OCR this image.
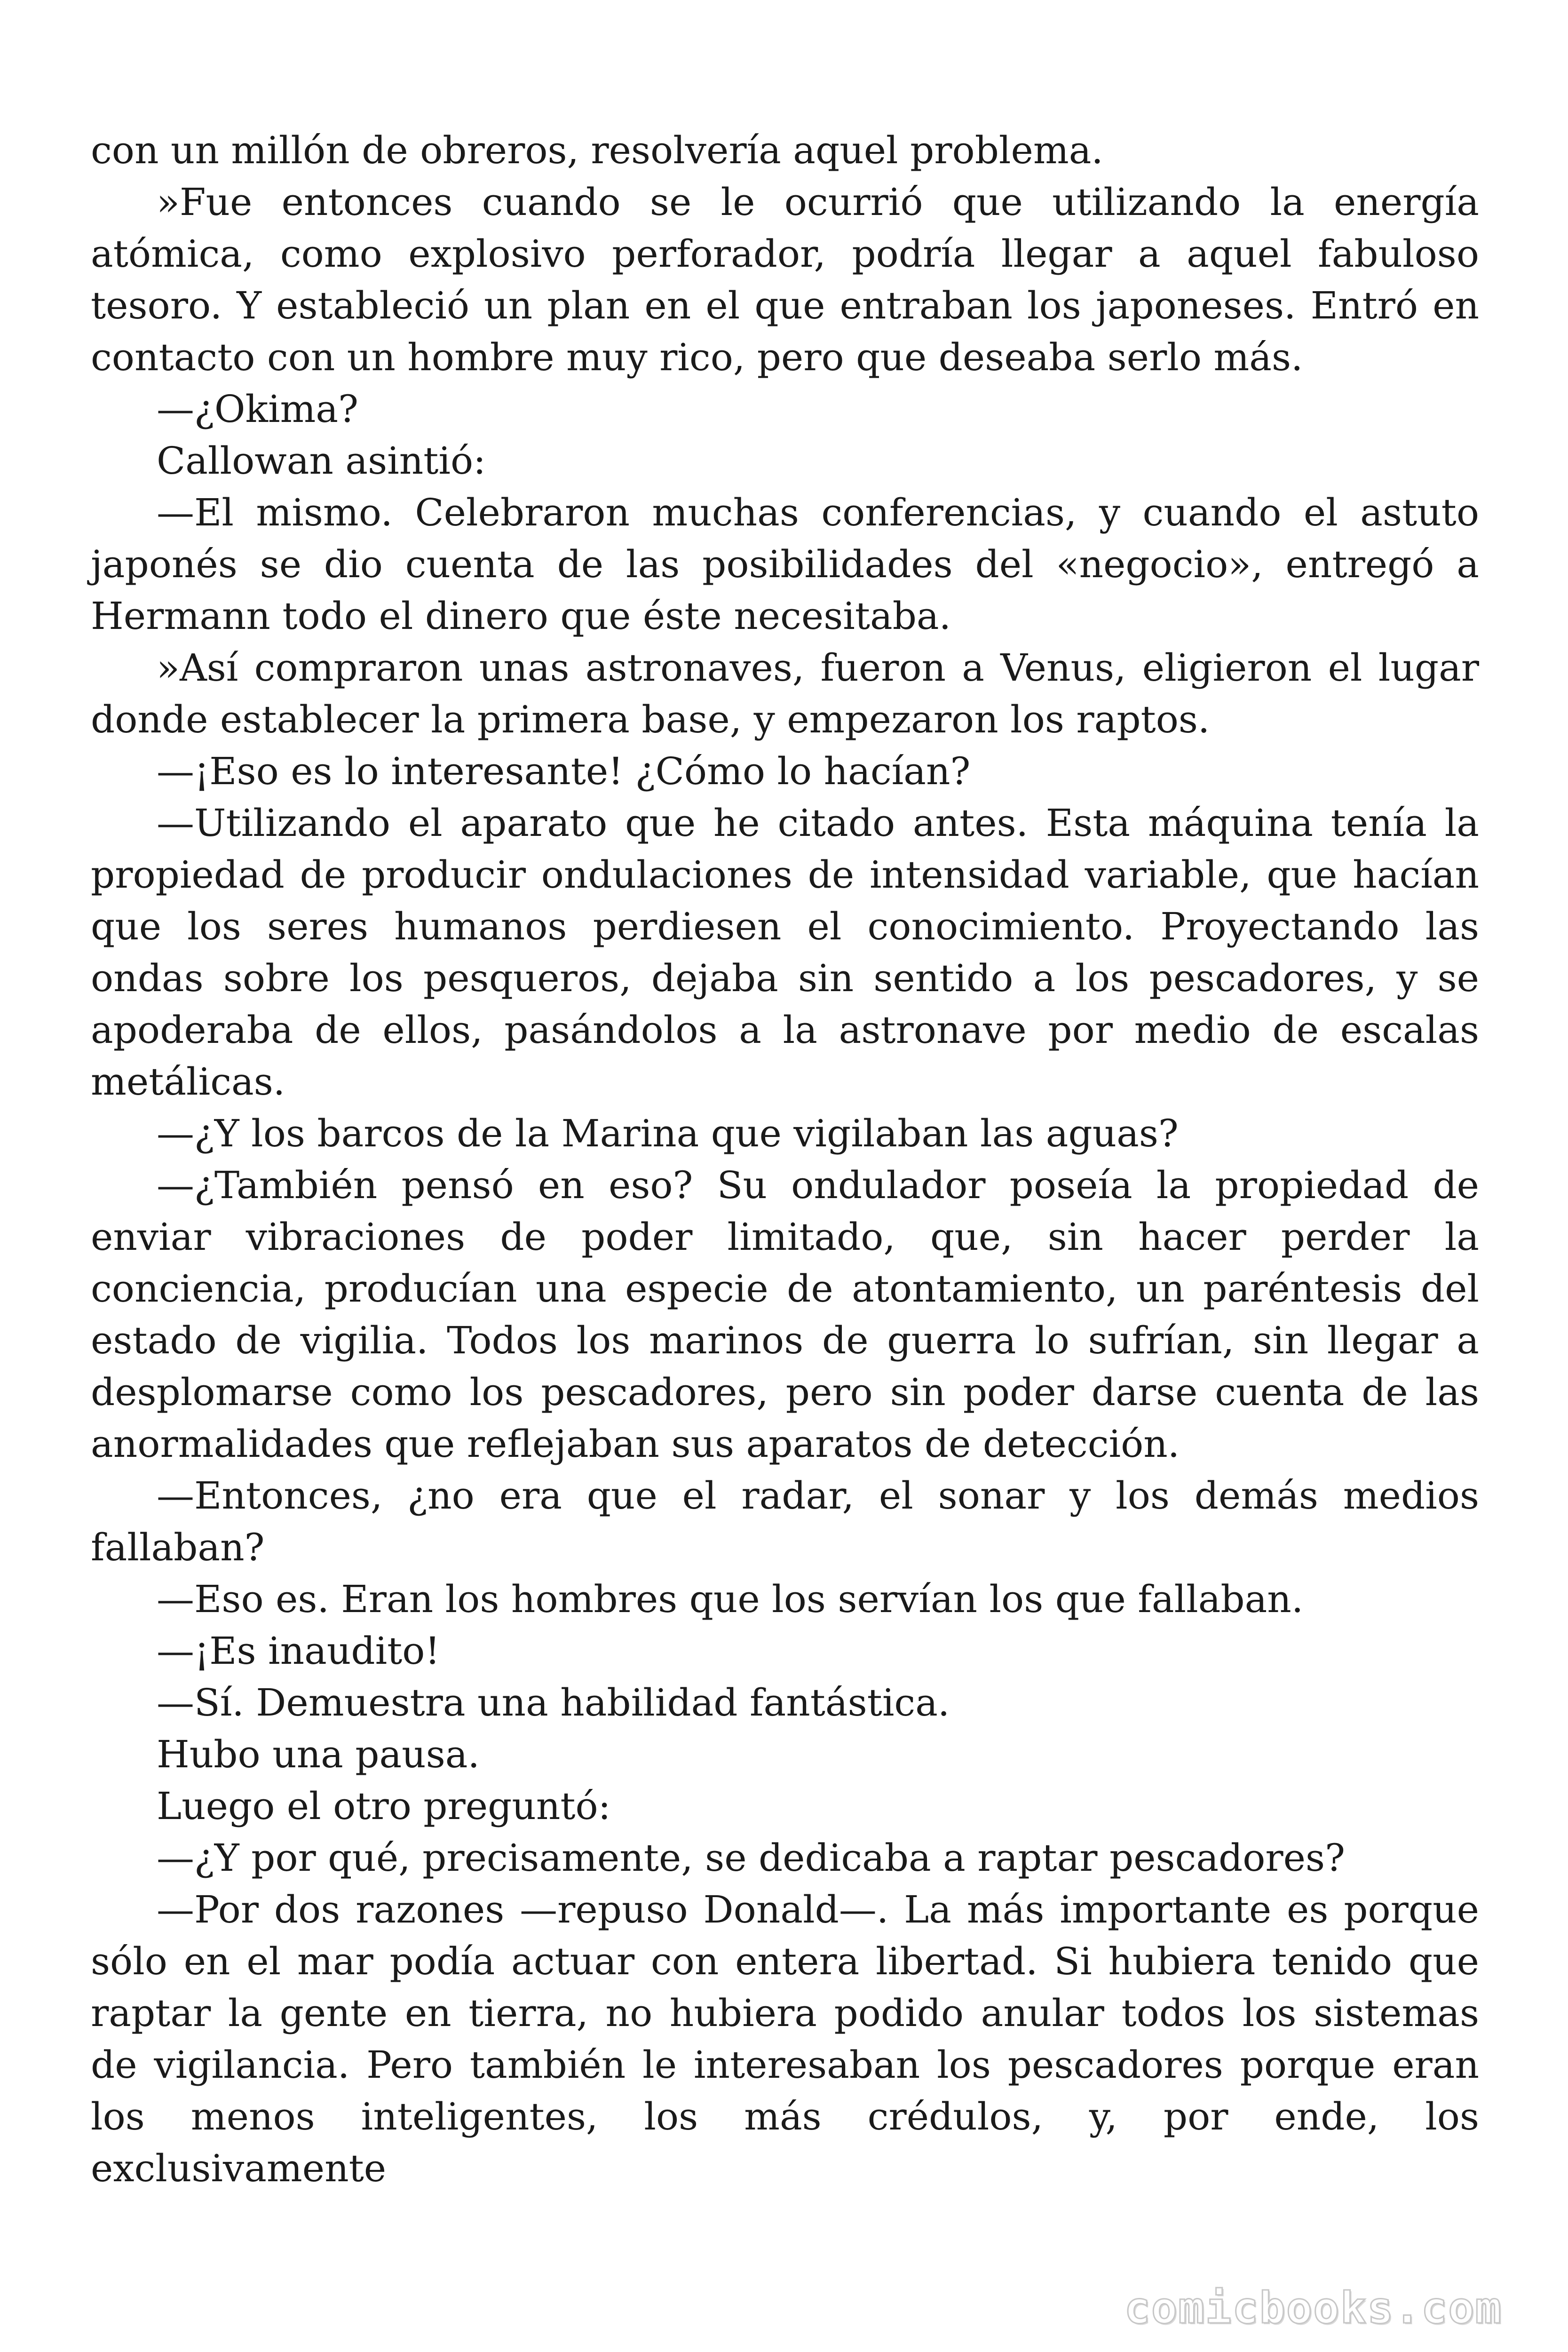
con un millón de obreros, resolvería aquel problema.

»Fue entonces cuando se le ocurrió que utilizando la energía atómica, como explosivo perforador, podría llegar a aquel fabuloso tesoro. Y estableció un plan en el que entraban los japoneses. Entró en contacto con un hombre muy rico, pero que deseaba serlo más.

—¿Okima?

Callowan asintió:

—El mismo. Celebraron muchas conferencias, y cuando el astuto japonés se dio cuenta de las posibilidades del «negocio», entregó a Hermann todo el dinero que éste necesitaba.

»Así compraron unas astronaves, fueron a Venus, eligieron el lugar donde establecer la primera base, y empezaron los raptos.

—¡Eso es lo interesante! ¿Cómo lo hacían?

—Utilizando el aparato que he citado antes. Esta máquina tenía la propiedad de producir ondulaciones de intensidad variable, que hacían que los seres humanos perdiesen el conocimiento. Proyectando las ondas sobre los pesqueros, dejaba sin sentido a los pescadores, y se apoderaba de ellos, pasándolos a la astronave por medio de escalas metálicas.

—¿Y los barcos de la Marina que vigilaban las aguas?

—¿También pensó en eso? Su ondulador poseía la propiedad de enviar vibraciones de poder limitado, que, sin hacer perder la conciencia, producían una especie de atontamiento, un paréntesis del estado de vigilia. Todos los marinos de guerra lo sufrían, sin llegar a desplomarse como los pescadores, pero sin poder darse cuenta de las anormalidades que reflejaban sus aparatos de detección.

—Entonces, ¿no era que el radar, el sonar y los demás medios fallaban?

—Eso es. Eran los hombres que los servían los que fallaban.

—¡Es inaudito!

—Sí. Demuestra una habilidad fantástica.

Hubo una pausa.

Luego el otro preguntó:

—¿Y por qué, precisamente, se dedicaba a raptar pescadores?

—Por dos razones —repuso Donald—. La más importante es porque sólo en el mar podía actuar con entera libertad. Si hubiera tenido que raptar la gente en tierra, no hubiera podido anular todos los sistemas de vigilancia. Pero también le interesaban los pescadores porque eran los menos inteligentes, los más crédulos, y, por ende, los exclusivamente

comicbooks.com
